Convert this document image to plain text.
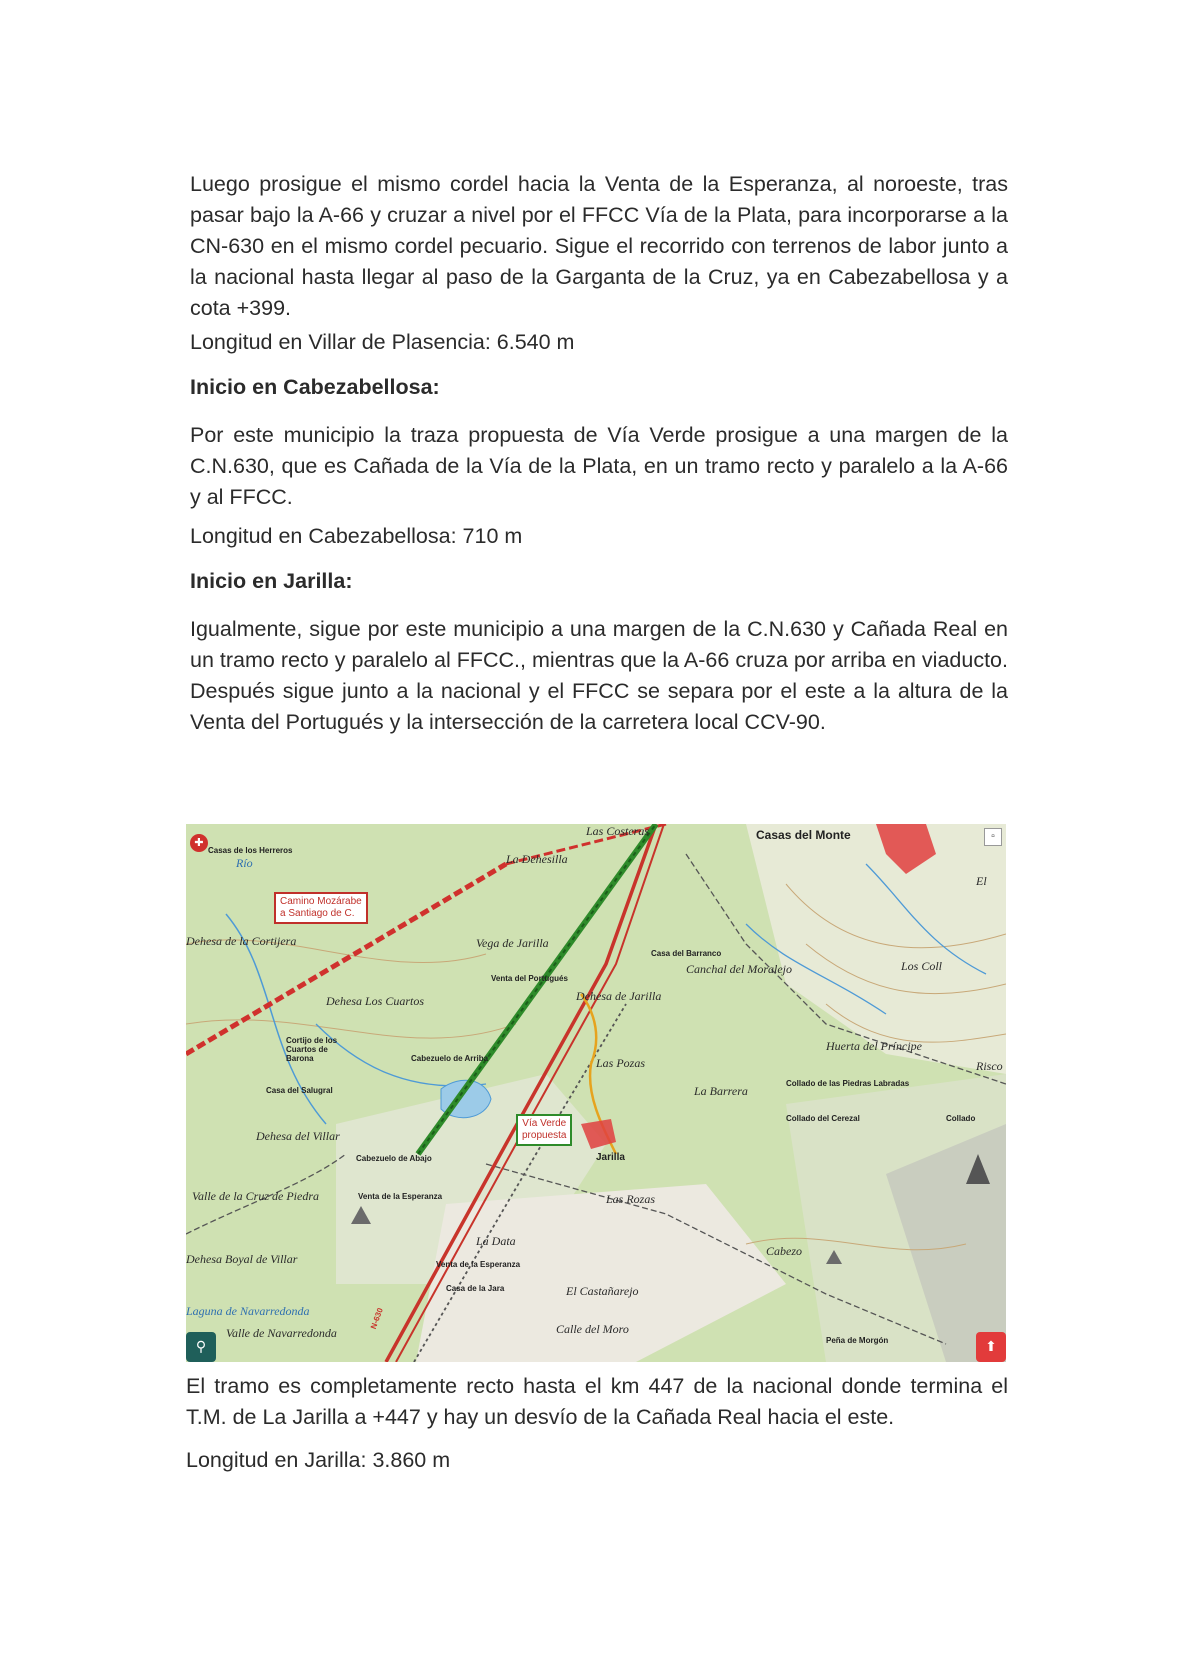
Luego prosigue el mismo cordel hacia la Venta de la Esperanza, al noroeste, tras pasar bajo la A-66 y cruzar a nivel por el FFCC Vía de la Plata, para incorporarse a la CN-630 en el mismo cordel pecuario. Sigue el recorrido con terrenos de labor junto a la nacional hasta llegar al paso de la Garganta de la Cruz, ya en Cabezabellosa y a cota +399.

Longitud en Villar de Plasencia: 6.540 m

Inicio en Cabezabellosa:

Por este municipio la traza propuesta de Vía Verde prosigue a una margen de la C.N.630, que es Cañada de la Vía de la Plata, en un tramo recto y paralelo a la A-66 y al FFCC.

Longitud en Cabezabellosa: 710 m

Inicio en Jarilla:

Igualmente, sigue por este municipio a una margen de la C.N.630 y Cañada Real en un tramo recto y paralelo al FFCC., mientras que la A-66 cruza por arriba en viaducto. Después sigue junto a la nacional y el FFCC se separa por el este a la altura de la Venta del Portugués y la intersección de la carretera local CCV-90.

Las Costeras
La Dehesilla
Casas del Monte
Casas de los Herreros
Río
Dehesa de la Cortijera	Vega de Jarilla
Casa del Barranco
Canchal del Moralejo
Venta del Portugués
Dehesa de Jarilla
Dehesa Los Cuartos
Los Coll
El
Cortijo de los Cuartos de Barona	Cabezuelo de Arriba	Las Pozas
Huerta del Príncipe
Risco
La Barrera
Collado de las Piedras Labradas
Collado del Cerezal	Collado
Casa del Salugral
Dehesa del Villar
Cabezuelo de Abajo	Jarilla
Valle de la Cruz de Piedra	Venta de la Esperanza	Las Rozas
La Data
Cabezo
Dehesa Boyal de Villar	Venta de la Esperanza
Casa de la Jara	El Castañarejo
Laguna de Navarredonda
Valle de Navarredonda	Calle del Moro
Peña de Morgón
N-630
Camino Mozárabe
a Santiago de C.
Vía Verde
propuesta
✚
▫
⚲	⬆

El tramo es completamente recto hasta el km 447 de la nacional donde termina el T.M. de La Jarilla a +447 y hay un desvío de la Cañada Real hacia el este.

Longitud en Jarilla: 3.860 m
